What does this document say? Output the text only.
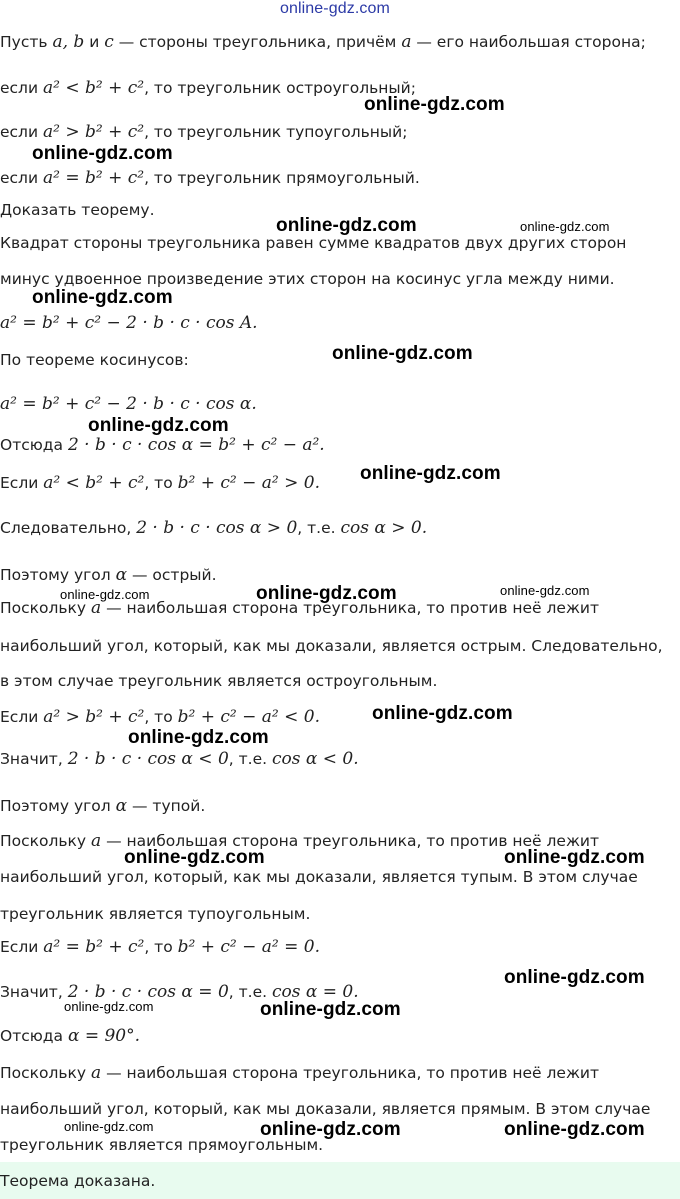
online-gdz.com
online-gdz.com
online-gdz.com
online-gdz.com	online-gdz.com
online-gdz.com
online-gdz.com
online-gdz.com
online-gdz.com
online-gdz.com	online-gdz.com
online-gdz.com
online-gdz.com
online-gdz.com
online-gdz.com	online-gdz.com
online-gdz.com
online-gdz.com	online-gdz.com
online-gdz.com	online-gdz.com	online-gdz.com
Пусть a, b и c — стороны треугольника, причём a — его наибольшая сторона;
если a² < b² + c², то треугольник остроугольный;
если a² > b² + c², то треугольник тупоугольный;
если a² = b² + c², то треугольник прямоугольный.
Доказать теорему.
Квадрат стороны треугольника равен сумме квадратов двух других сторон
минус удвоенное произведение этих сторон на косинус угла между ними.
a² = b² + c² − 2 · b · c · cos A.
По теореме косинусов:
a² = b² + c² − 2 · b · c · cos α.
Отсюда 2 · b · c · cos α = b² + c² − a².
Если a² < b² + c², то b² + c² − a² > 0.
Следовательно, 2 · b · c · cos α > 0, т.е. cos α > 0.
Поэтому угол α — острый.
Поскольку a — наибольшая сторона треугольника, то против неё лежит
наибольший угол, который, как мы доказали, является острым. Следовательно,
в этом случае треугольник является остроугольным.
Если a² > b² + c², то b² + c² − a² < 0.
Значит, 2 · b · c · cos α < 0, т.е. cos α < 0.
Поэтому угол α — тупой.
Поскольку a — наибольшая сторона треугольника, то против неё лежит
наибольший угол, который, как мы доказали, является тупым. В этом случае
треугольник является тупоугольным.
Если a² = b² + c², то b² + c² − a² = 0.
Значит, 2 · b · c · cos α = 0, т.е. cos α = 0.
Отсюда α = 90°.
Поскольку a — наибольшая сторона треугольника, то против неё лежит
наибольший угол, который, как мы доказали, является прямым. В этом случае
треугольник является прямоугольным.
Теорема доказана.
